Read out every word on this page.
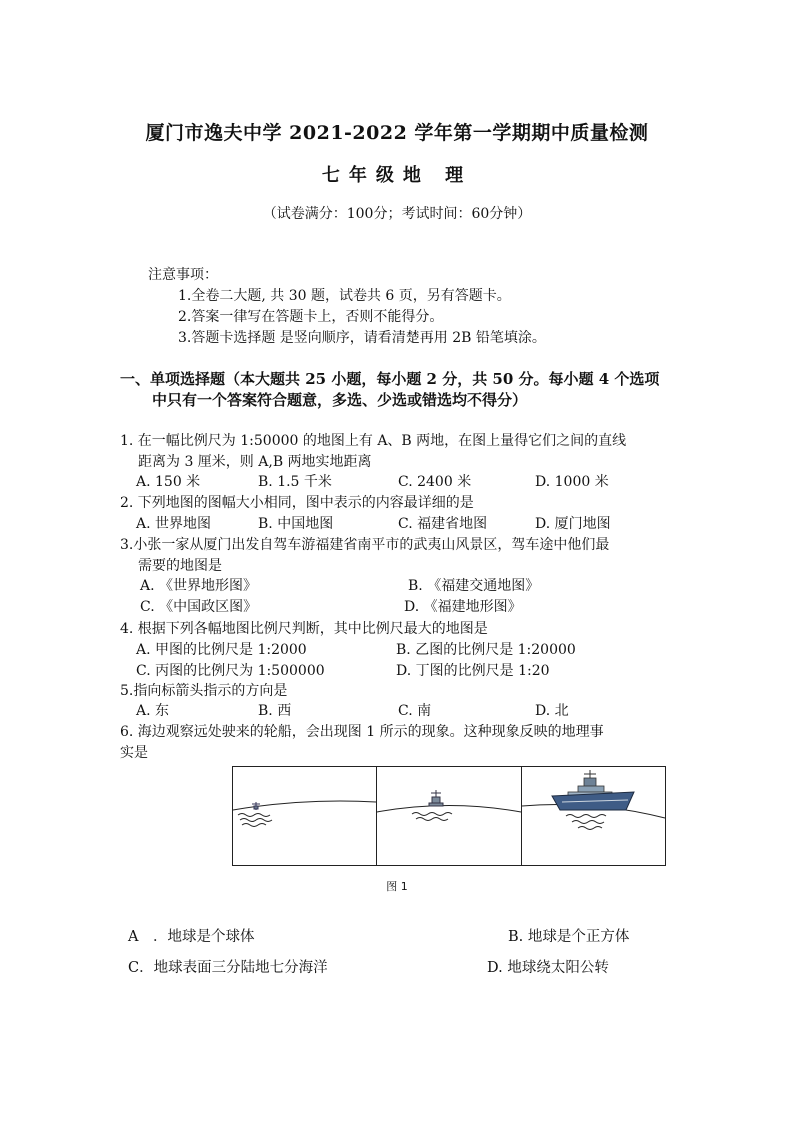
厦门市逸夫中学 2021-2022 学年第一学期期中质量检测
七年级地 理
（试卷满分：100分；考试时间：60分钟）
注意事项：
1.全卷二大题, 共 30 题，试卷共 6 页，另有答题卡。
2.答案一律写在答题卡上，否则不能得分。
3.答题卡选择题 是竖向顺序，请看清楚再用 2B 铅笔填涂。
一、单项选择题（本大题共 25 小题，每小题 2 分，共 50 分。每小题 4 个选项
中只有一个答案符合题意，多选、少选或错选均不得分）
1. 在一幅比例尺为 1:50000 的地图上有 A、B 两地，在图上量得它们之间的直线
距离为 3 厘米，则 A,B 两地实地距离
A. 150 米	B. 1.5 千米	C. 2400 米	D. 1000 米
2. 下列地图的图幅大小相同，图中表示的内容最详细的是
A. 世界地图	B. 中国地图	C. 福建省地图	D. 厦门地图
3.小张一家从厦门出发自驾车游福建省南平市的武夷山风景区，驾车途中他们最
需要的地图是
A. 《世界地形图》	B. 《福建交通地图》
C. 《中国政区图》	D. 《福建地形图》
4. 根据下列各幅地图比例尺判断，其中比例尺最大的地图是
A. 甲图的比例尺是 1:2000	B. 乙图的比例尺是 1:20000
C. 丙图的比例尺为 1:500000	D. 丁图的比例尺是 1:20
5.指向标箭头指示的方向是
A. 东	B. 西	C. 南	D. 北
6. 海边观察远处驶来的轮船，会出现图 1 所示的现象。这种现象反映的地理事
实是
图 1
A　．地球是个球体	B. 地球是个正方体
C．地球表面三分陆地七分海洋	D. 地球绕太阳公转
